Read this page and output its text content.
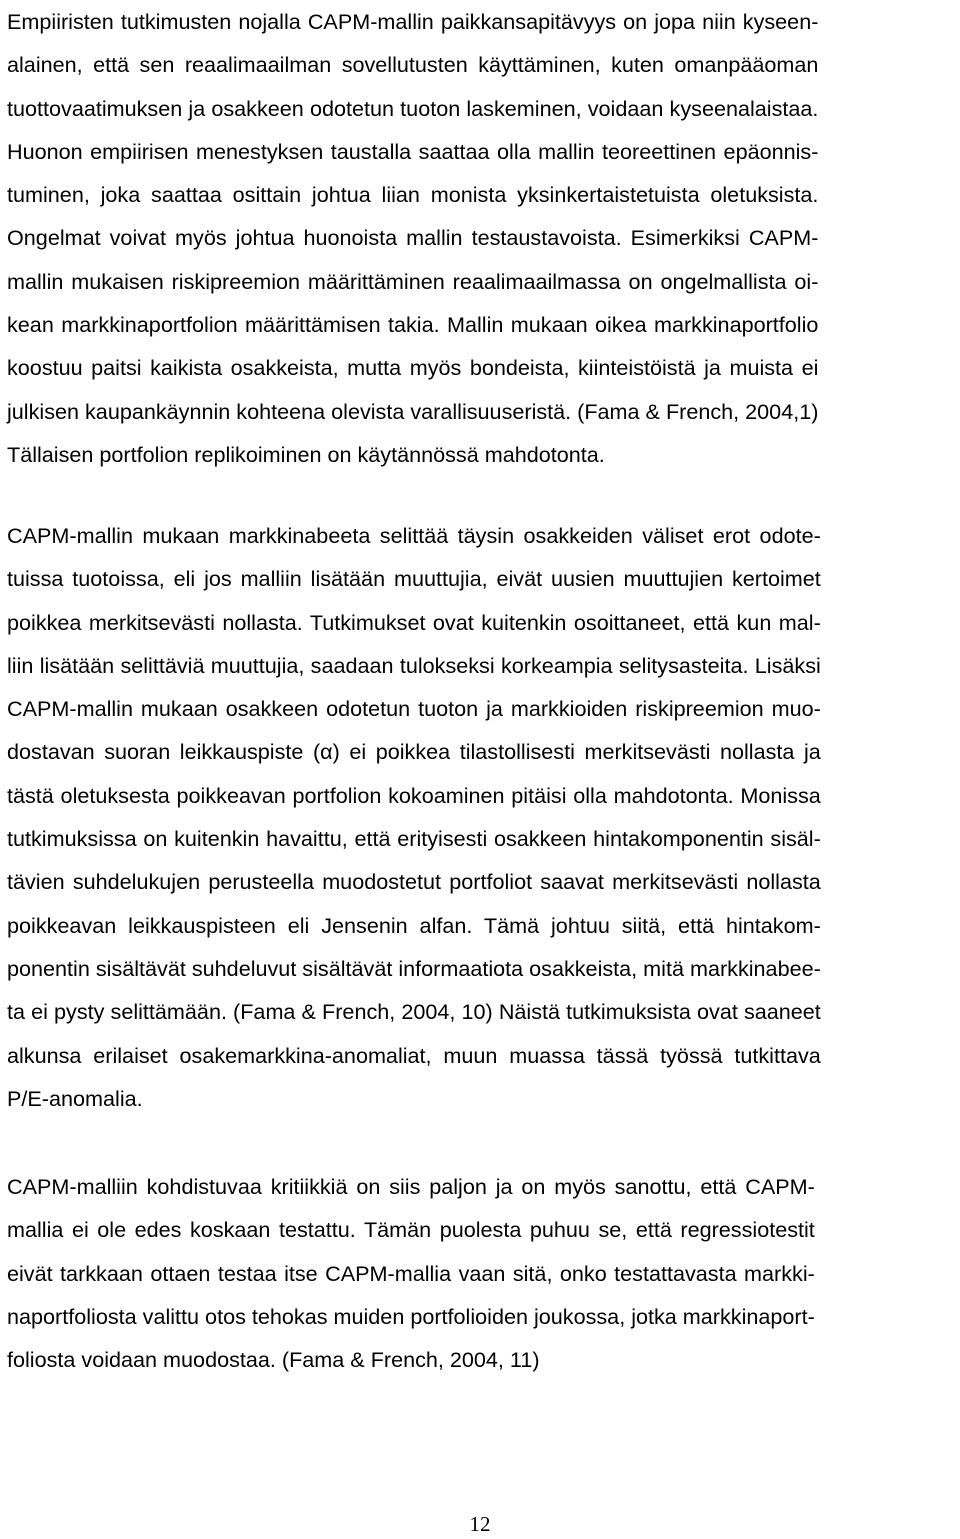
Empiiristen tutkimusten nojalla CAPM-mallin paikkansapitävyys on jopa niin kyseen-
alainen, että sen reaalimaailman sovellutusten käyttäminen, kuten omanpääoman
tuottovaatimuksen ja osakkeen odotetun tuoton laskeminen, voidaan kyseenalaistaa.
Huonon empiirisen menestyksen taustalla saattaa olla mallin teoreettinen epäonnis-
tuminen, joka saattaa osittain johtua liian monista yksinkertaistetuista oletuksista.
Ongelmat voivat myös johtua huonoista mallin testaustavoista. Esimerkiksi CAPM-
mallin mukaisen riskipreemion määrittäminen reaalimaailmassa on ongelmallista oi-
kean markkinaportfolion määrittämisen takia. Mallin mukaan oikea markkinaportfolio
koostuu paitsi kaikista osakkeista, mutta myös bondeista, kiinteistöistä ja muista ei
julkisen kaupankäynnin kohteena olevista varallisuuseristä. (Fama & French, 2004,1)
Tällaisen portfolion replikoiminen on käytännössä mahdotonta.
CAPM-mallin mukaan markkinabeeta selittää täysin osakkeiden väliset erot odote-
tuissa tuotoissa, eli jos malliin lisätään muuttujia, eivät uusien muuttujien kertoimet
poikkea merkitsevästi nollasta. Tutkimukset ovat kuitenkin osoittaneet, että kun mal-
liin lisätään selittäviä muuttujia, saadaan tulokseksi korkeampia selitysasteita. Lisäksi
CAPM-mallin mukaan osakkeen odotetun tuoton ja markkioiden riskipreemion muo-
dostavan suoran leikkauspiste (α) ei poikkea tilastollisesti merkitsevästi nollasta ja
tästä oletuksesta poikkeavan portfolion kokoaminen pitäisi olla mahdotonta. Monissa
tutkimuksissa on kuitenkin havaittu, että erityisesti osakkeen hintakomponentin sisäl-
tävien suhdelukujen perusteella muodostetut portfoliot saavat merkitsevästi nollasta
poikkeavan leikkauspisteen eli Jensenin alfan. Tämä johtuu siitä, että hintakom-
ponentin sisältävät suhdeluvut sisältävät informaatiota osakkeista, mitä markkinabee-
ta ei pysty selittämään. (Fama & French, 2004, 10) Näistä tutkimuksista ovat saaneet
alkunsa erilaiset osakemarkkina-anomaliat, muun muassa tässä työssä tutkittava
P/E-anomalia.
CAPM-malliin kohdistuvaa kritiikkiä on siis paljon ja on myös sanottu, että CAPM-
mallia ei ole edes koskaan testattu. Tämän puolesta puhuu se, että regressiotestit
eivät tarkkaan ottaen testaa itse CAPM-mallia vaan sitä, onko testattavasta markki-
naportfoliosta valittu otos tehokas muiden portfolioiden joukossa, jotka markkinaport-
foliosta voidaan muodostaa. (Fama & French, 2004, 11)
12
